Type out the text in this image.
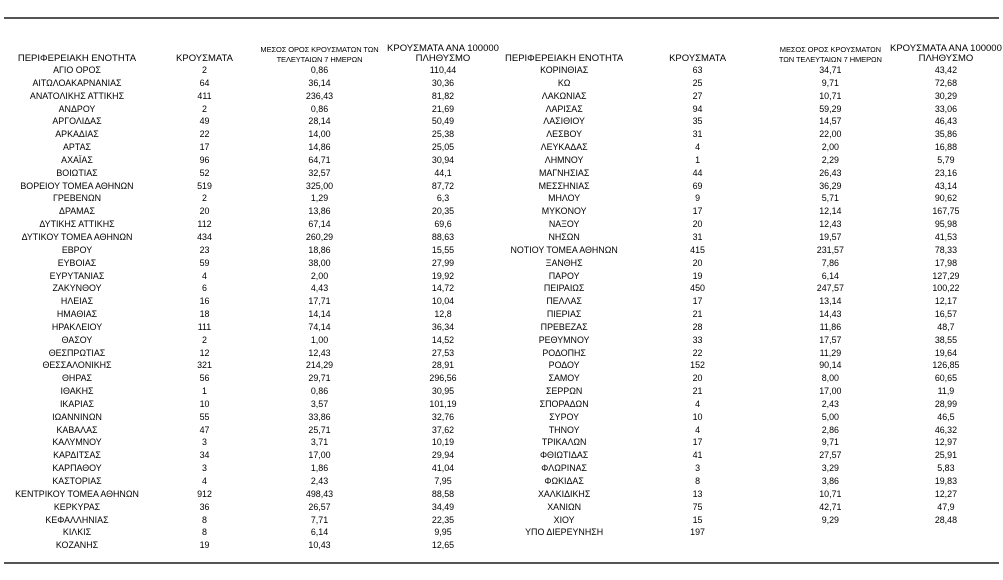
ΠΕΡΙΦΕΡΕΙΑΚΗ ΕΝΟΤΗΤΑ	ΚΡΟΥΣΜΑΤΑ	ΜΕΣΟΣ ΟΡΟΣ ΚΡΟΥΣΜΑΤΩΝ ΤΩΝ ΤΕΛΕΥΤΑΙΩΝ 7 ΗΜΕΡΩΝ	ΚΡΟΥΣΜΑΤΑ ΑΝΑ 100000 ΠΛΗΘΥΣΜΟ
ΑΓΙΟ ΟΡΟΣ	2	0,86	110,44
ΑΙΤΩΛΟΑΚΑΡΝΑΝΙΑΣ	64	36,14	30,36
ΑΝΑΤΟΛΙΚΗΣ ΑΤΤΙΚΗΣ	411	236,43	81,82
ΑΝΔΡΟΥ	2	0,86	21,69
ΑΡΓΟΛΙΔΑΣ	49	28,14	50,49
ΑΡΚΑΔΙΑΣ	22	14,00	25,38
ΑΡΤΑΣ	17	14,86	25,05
ΑΧΑΪΑΣ	96	64,71	30,94
ΒΟΙΩΤΙΑΣ	52	32,57	44,1
ΒΟΡΕΙΟΥ ΤΟΜΕΑ ΑΘΗΝΩΝ	519	325,00	87,72
ΓΡΕΒΕΝΩΝ	2	1,29	6,3
ΔΡΑΜΑΣ	20	13,86	20,35
ΔΥΤΙΚΗΣ ΑΤΤΙΚΗΣ	112	67,14	69,6
ΔΥΤΙΚΟΥ ΤΟΜΕΑ ΑΘΗΝΩΝ	434	260,29	88,63
ΕΒΡΟΥ	23	18,86	15,55
ΕΥΒΟΙΑΣ	59	38,00	27,99
ΕΥΡΥΤΑΝΙΑΣ	4	2,00	19,92
ΖΑΚΥΝΘΟΥ	6	4,43	14,72
ΗΛΕΙΑΣ	16	17,71	10,04
ΗΜΑΘΙΑΣ	18	14,14	12,8
ΗΡΑΚΛΕΙΟΥ	111	74,14	36,34
ΘΑΣΟΥ	2	1,00	14,52
ΘΕΣΠΡΩΤΙΑΣ	12	12,43	27,53
ΘΕΣΣΑΛΟΝΙΚΗΣ	321	214,29	28,91
ΘΗΡΑΣ	56	29,71	296,56
ΙΘΑΚΗΣ	1	0,86	30,95
ΙΚΑΡΙΑΣ	10	3,57	101,19
ΙΩΑΝΝΙΝΩΝ	55	33,86	32,76
ΚΑΒΑΛΑΣ	47	25,71	37,62
ΚΑΛΥΜΝΟΥ	3	3,71	10,19
ΚΑΡΔΙΤΣΑΣ	34	17,00	29,94
ΚΑΡΠΑΘΟΥ	3	1,86	41,04
ΚΑΣΤΟΡΙΑΣ	4	2,43	7,95
ΚΕΝΤΡΙΚΟΥ ΤΟΜΕΑ ΑΘΗΝΩΝ	912	498,43	88,58
ΚΕΡΚΥΡΑΣ	36	26,57	34,49
ΚΕΦΑΛΛΗΝΙΑΣ	8	7,71	22,35
ΚΙΛΚΙΣ	8	6,14	9,95
ΚΟΖΑΝΗΣ	19	10,43	12,65
ΠΕΡΙΦΕΡΕΙΑΚΗ ΕΝΟΤΗΤΑ	ΚΡΟΥΣΜΑΤΑ	ΜΕΣΟΣ ΟΡΟΣ ΚΡΟΥΣΜΑΤΩΝ ΤΩΝ ΤΕΛΕΥΤΑΙΩΝ 7 ΗΜΕΡΩΝ	ΚΡΟΥΣΜΑΤΑ ΑΝΑ 100000 ΠΛΗΘΥΣΜΟ
ΚΟΡΙΝΘΙΑΣ	63	34,71	43,42
ΚΩ	25	9,71	72,68
ΛΑΚΩΝΙΑΣ	27	10,71	30,29
ΛΑΡΙΣΑΣ	94	59,29	33,06
ΛΑΣΙΘΙΟΥ	35	14,57	46,43
ΛΕΣΒΟΥ	31	22,00	35,86
ΛΕΥΚΑΔΑΣ	4	2,00	16,88
ΛΗΜΝΟΥ	1	2,29	5,79
ΜΑΓΝΗΣΙΑΣ	44	26,43	23,16
ΜΕΣΣΗΝΙΑΣ	69	36,29	43,14
ΜΗΛΟΥ	9	5,71	90,62
ΜΥΚΟΝΟΥ	17	12,14	167,75
ΝΑΞΟΥ	20	12,43	95,98
ΝΗΣΩΝ	31	19,57	41,53
ΝΟΤΙΟΥ ΤΟΜΕΑ ΑΘΗΝΩΝ	415	231,57	78,33
ΞΑΝΘΗΣ	20	7,86	17,98
ΠΑΡΟΥ	19	6,14	127,29
ΠΕΙΡΑΙΩΣ	450	247,57	100,22
ΠΕΛΛΑΣ	17	13,14	12,17
ΠΙΕΡΙΑΣ	21	14,43	16,57
ΠΡΕΒΕΖΑΣ	28	11,86	48,7
ΡΕΘΥΜΝΟΥ	33	17,57	38,55
ΡΟΔΟΠΗΣ	22	11,29	19,64
ΡΟΔΟΥ	152	90,14	126,85
ΣΑΜΟΥ	20	8,00	60,65
ΣΕΡΡΩΝ	21	17,00	11,9
ΣΠΟΡΑΔΩΝ	4	2,43	28,99
ΣΥΡΟΥ	10	5,00	46,5
ΤΗΝΟΥ	4	2,86	46,32
ΤΡΙΚΑΛΩΝ	17	9,71	12,97
ΦΘΙΩΤΙΔΑΣ	41	27,57	25,91
ΦΛΩΡΙΝΑΣ	3	3,29	5,83
ΦΩΚΙΔΑΣ	8	3,86	19,83
ΧΑΛΚΙΔΙΚΗΣ	13	10,71	12,27
ΧΑΝΙΩΝ	75	42,71	47,9
ΧΙΟΥ	15	9,29	28,48
ΥΠΟ ΔΙΕΡΕΥΝΗΣΗ	197		
